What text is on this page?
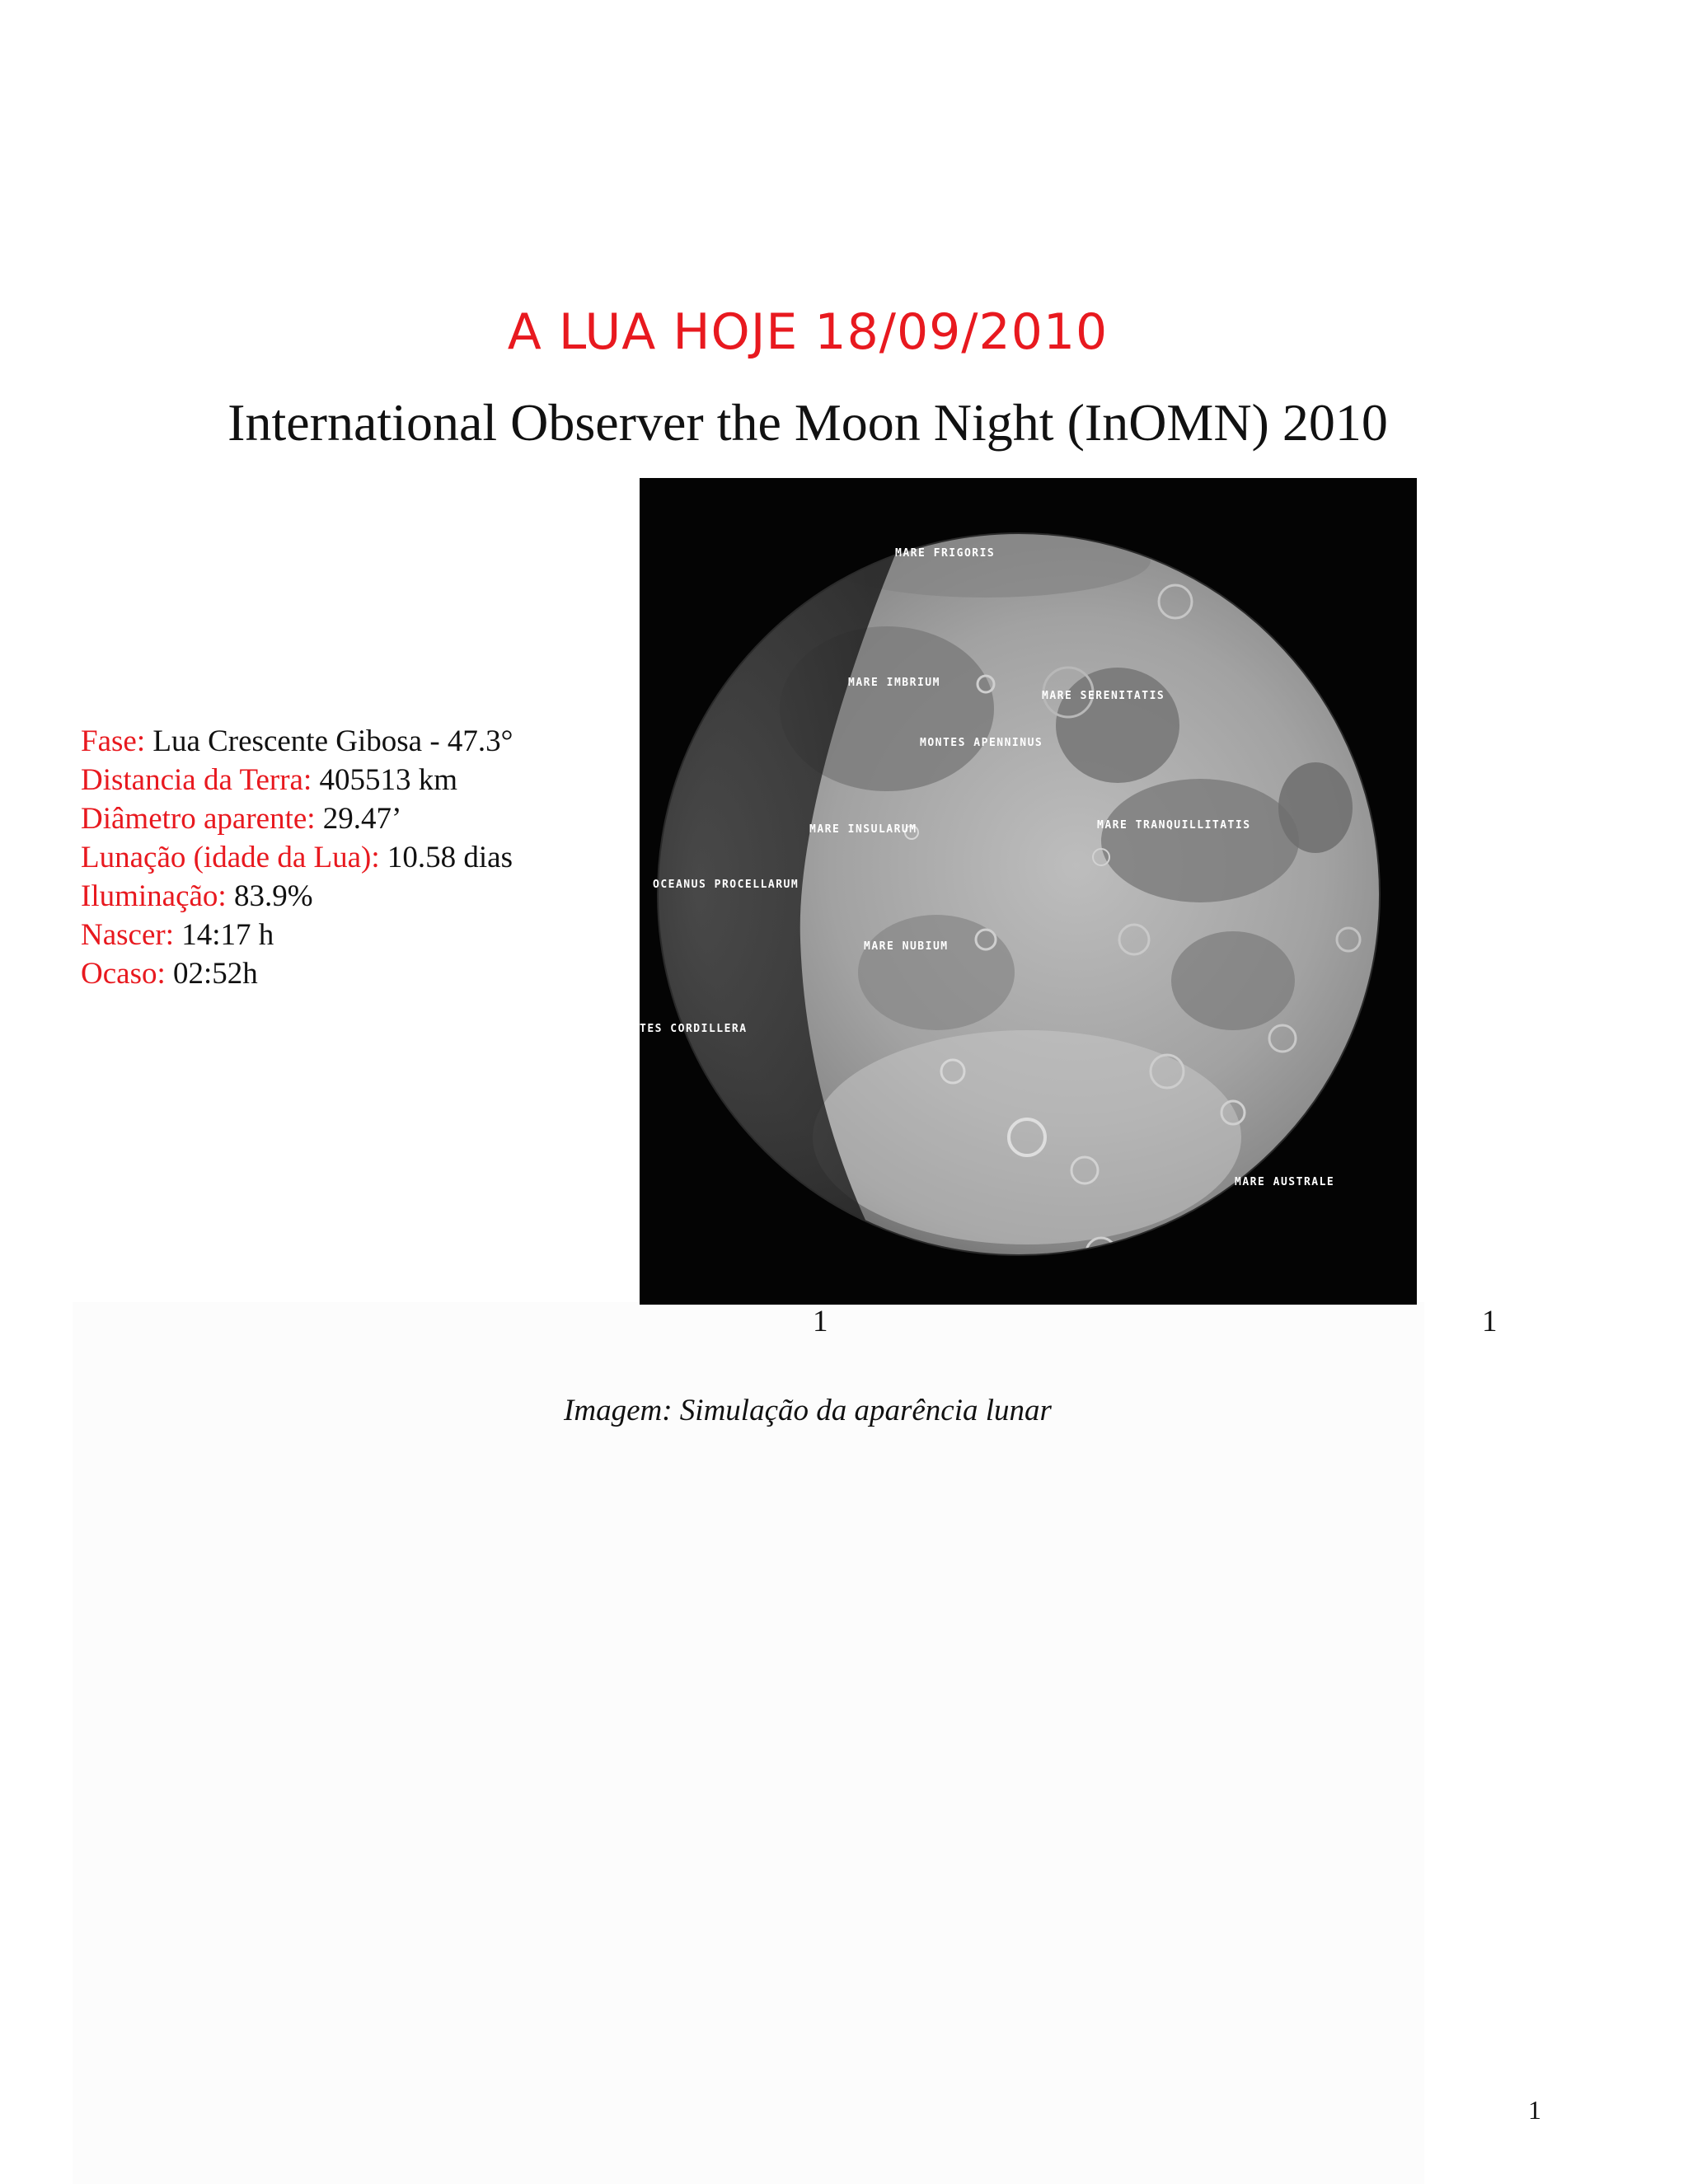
A LUA HOJE 18/09/2010
International Observer the Moon Night (InOMN) 2010
Fase: Lua Crescente Gibosa - 47.3°
Distancia da Terra: 405513 km
Diâmetro aparente: 29.47’
Lunação (idade da Lua): 10.58 dias
Iluminação: 83.9%
Nascer: 14:17 h
Ocaso: 02:52h
MARE FRIGORIS
MARE IMBRIUM
MARE SERENITATIS
MONTES APENNINUS
MARE INSULARUM	MARE TRANQUILLITATIS
OCEANUS PROCELLARUM
MARE NUBIUM
TES CORDILLERA
MARE AUSTRALE
1	1
Imagem: Simulação da aparência lunar
1
